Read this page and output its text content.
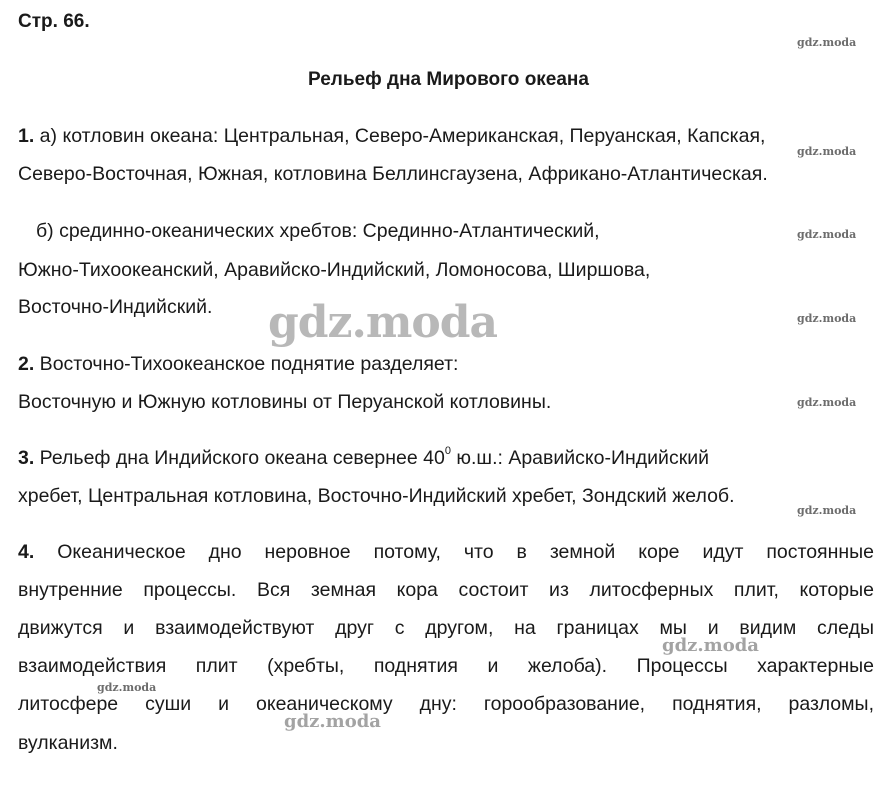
Стр. 66.
gdz.moda
Рельеф дна Мирового океана
1. а) котловин океана: Центральная, Северо-Американская, Перуанская, Капская,
gdz.moda
Северо-Восточная, Южная, котловина Беллинсгаузена, Африкано-Атлантическая.
б) срединно-океанических хребтов: Срединно-Атлантический,	gdz.moda
Южно-Тихоокеанский, Аравийско-Индийский, Ломоносова, Ширшова,
Восточно-Индийский. gdz.moda	gdz.moda
2. Восточно-Тихоокеанское поднятие разделяет:
Восточную и Южную котловины от Перуанской котловины.	gdz.moda
3. Рельеф дна Индийского океана севернее $40^0$ ю.ш.: Аравийско-Индийский
хребет, Центральная котловина, Восточно-Индийский хребет, Зондский желоб.
gdz.moda
4. Океаническое дно неровное потому, что в земной коре идут постоянные
внутренние процессы. Вся земная кора состоит из литосферных плит, которые
движутся и взаимодействуют друг с другом, на границах мы и видим следы
gdz.moda
взаимодействия плит (хребты, поднятия и желоба). Процессы характерные
gdz.moda
литосфере суши и океаническому дну: горообразование, поднятия, разломы,
gdz.moda
вулканизм.
